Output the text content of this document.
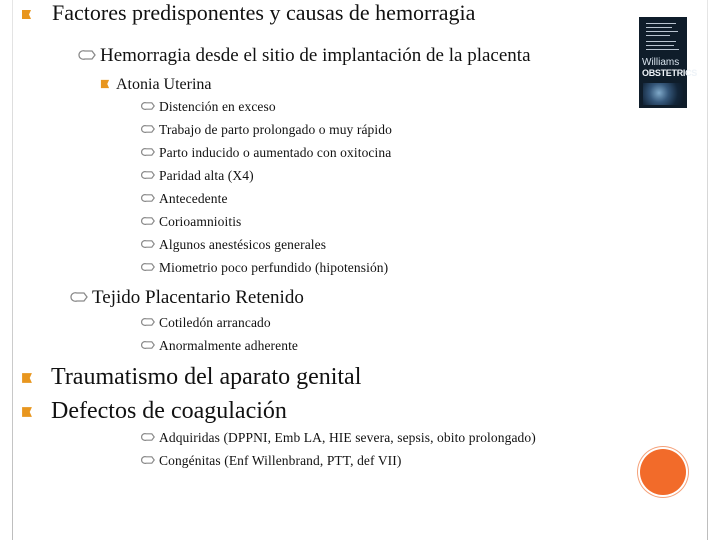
Factores predisponentes y causas de hemorragia
Hemorragia desde el sitio de implantación de la placenta
Atonia Uterina
Distención en exceso
Trabajo de parto prolongado o muy rápido
Parto inducido o aumentado con oxitocina
Paridad alta (X4)
Antecedente
Corioamnioitis
Algunos anestésicos generales
Miometrio poco perfundido (hipotensión)
Tejido Placentario Retenido
Cotiledón arrancado
Anormalmente adherente
Traumatismo del aparato genital
Defectos de coagulación
Adquiridas (DPPNI, Emb LA, HIE severa, sepsis, obito prolongado)
Congénitas (Enf Willenbrand, PTT, def VII)
Williams
OBSTETRICS
